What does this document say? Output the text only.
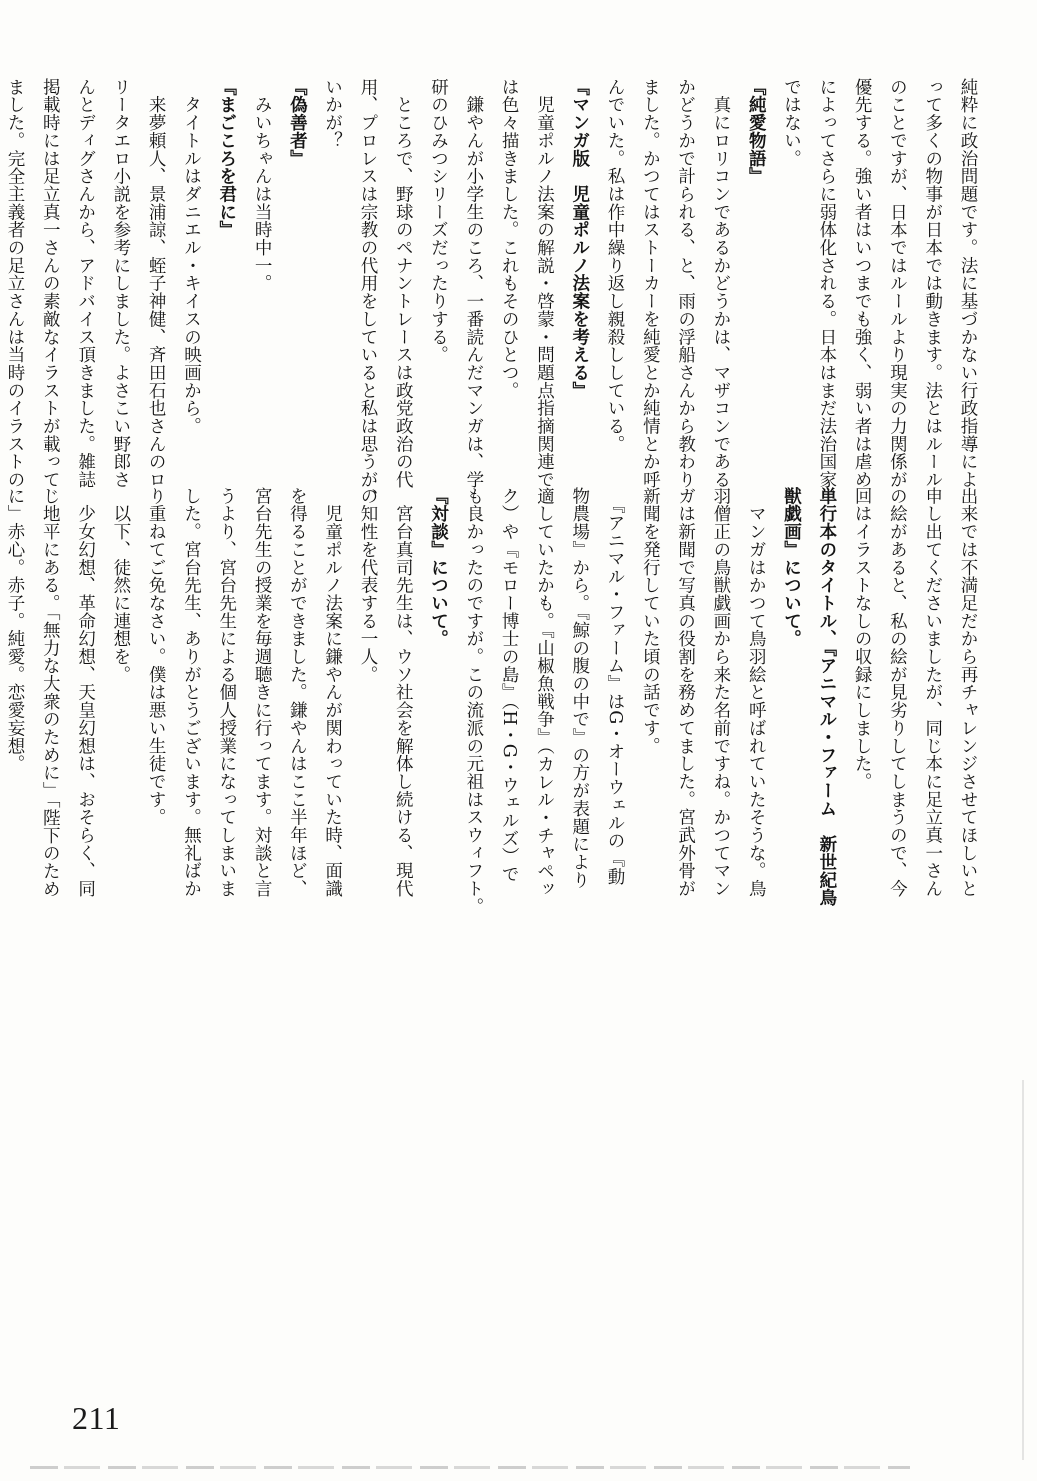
純粋に政治問題です。法に基づかない行政指導によ
って多くの物事が日本では動きます。法とはルール
のことですが、日本ではルールより現実の力関係が
優先する。強い者はいつまでも強く、弱い者は虐め
によってさらに弱体化される。日本はまだ法治国家
ではない。
『純愛物語』
　真にロリコンであるかどうかは、マザコンである
かどうかで計られる、と、雨の浮船さんから教わり
ました。かつてはストーカーを純愛とか純情とか呼
んでいた。私は作中繰り返し親殺ししている。
『マンガ版　児童ポルノ法案を考える』
　児童ポルノ法案の解説・啓蒙・問題点指摘関連で
は色々描きました。これもそのひとつ。
　鎌やんが小学生のころ、一番読んだマンガは、学
研のひみつシリーズだったりする。
　ところで、野球のペナントレースは政党政治の代
用、プロレスは宗教の代用をしていると私は思うが、
いかが？
『偽善者』
　みいちゃんは当時中一。
『まごころを君に』
　タイトルはダニエル・キイスの映画から。
　来夢頼人、景浦諒、蛭子神健、斉田石也さんのロ
リータエロ小説を参考にしました。よさこい野郎さ
んとディグさんから、アドバイス頂きました。雑誌
掲載時には足立真一さんの素敵なイラストが載って
ました。完全主義者の足立さんは当時のイラストの
出来では不満足だから再チャレンジさせてほしいと
申し出てくださいましたが、同じ本に足立真一さん
の絵があると、私の絵が見劣りしてしまうので、今
回はイラストなしの収録にしました。
単行本のタイトル、『アニマル・ファーム　新世紀鳥
獣戯画』について。
　マンガはかつて鳥羽絵と呼ばれていたそうな。鳥
羽僧正の鳥獣戯画から来た名前ですね。かつてマン
ガは新聞で写真の役割を務めてました。宮武外骨が
新聞を発行していた頃の話です。
　『アニマル・ファーム』はG・オーウェルの『動
物農場』から。『鯨の腹の中で』の方が表題により
適していたかも。『山椒魚戦争』（カレル・チャペッ
ク）や『モロー博士の島』（H・G・ウェルズ）で
も良かったのですが。この流派の元祖はスウィフト。
『対談』について。
　宮台真司先生は、ウソ社会を解体し続ける、現代
の知性を代表する一人。
　児童ポルノ法案に鎌やんが関わっていた時、面識
を得ることができました。鎌やんはここ半年ほど、
宮台先生の授業を毎週聴きに行ってます。対談と言
うより、宮台先生による個人授業になってしまいま
した。宮台先生、ありがとうございます。無礼ばか
り重ねてご免なさい。僕は悪い生徒です。
　以下、徒然に連想を。
　少女幻想、革命幻想、天皇幻想は、おそらく、同
じ地平にある。「無力な大衆のために」「陛下のため
に」赤心。赤子。純愛。恋愛妄想。
211
